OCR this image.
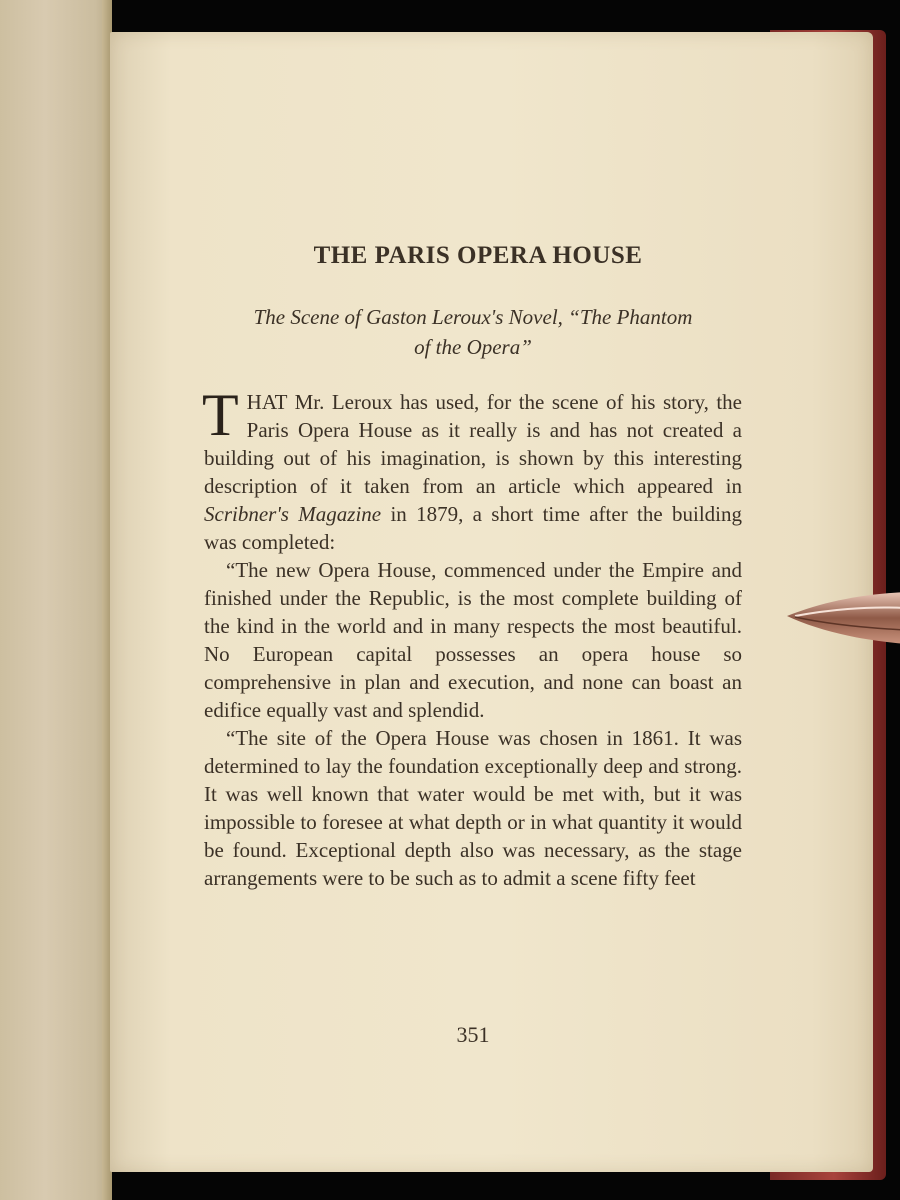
THE PARIS OPERA HOUSE
The Scene of Gaston Leroux's Novel, “The Phantom
of the Opera”

THAT Mr. Leroux has used, for the scene of his story, the Paris Opera House as it really is and has not created a building out of his imagination, is shown by this interesting description of it taken from an article which appeared in Scribner's Magazine in 1879, a short time after the building was completed:
“The new Opera House, commenced under the Empire and finished under the Republic, is the most complete building of the kind in the world and in many respects the most beautiful. No European capital possesses an opera house so comprehensive in plan and execution, and none can boast an edifice equally vast and splendid.
“The site of the Opera House was chosen in 1861. It was determined to lay the foundation exceptionally deep and strong. It was well known that water would be met with, but it was impossible to foresee at what depth or in what quantity it would be found. Exceptional depth also was necessary, as the stage arrangements were to be such as to admit a scene fifty feet

351
